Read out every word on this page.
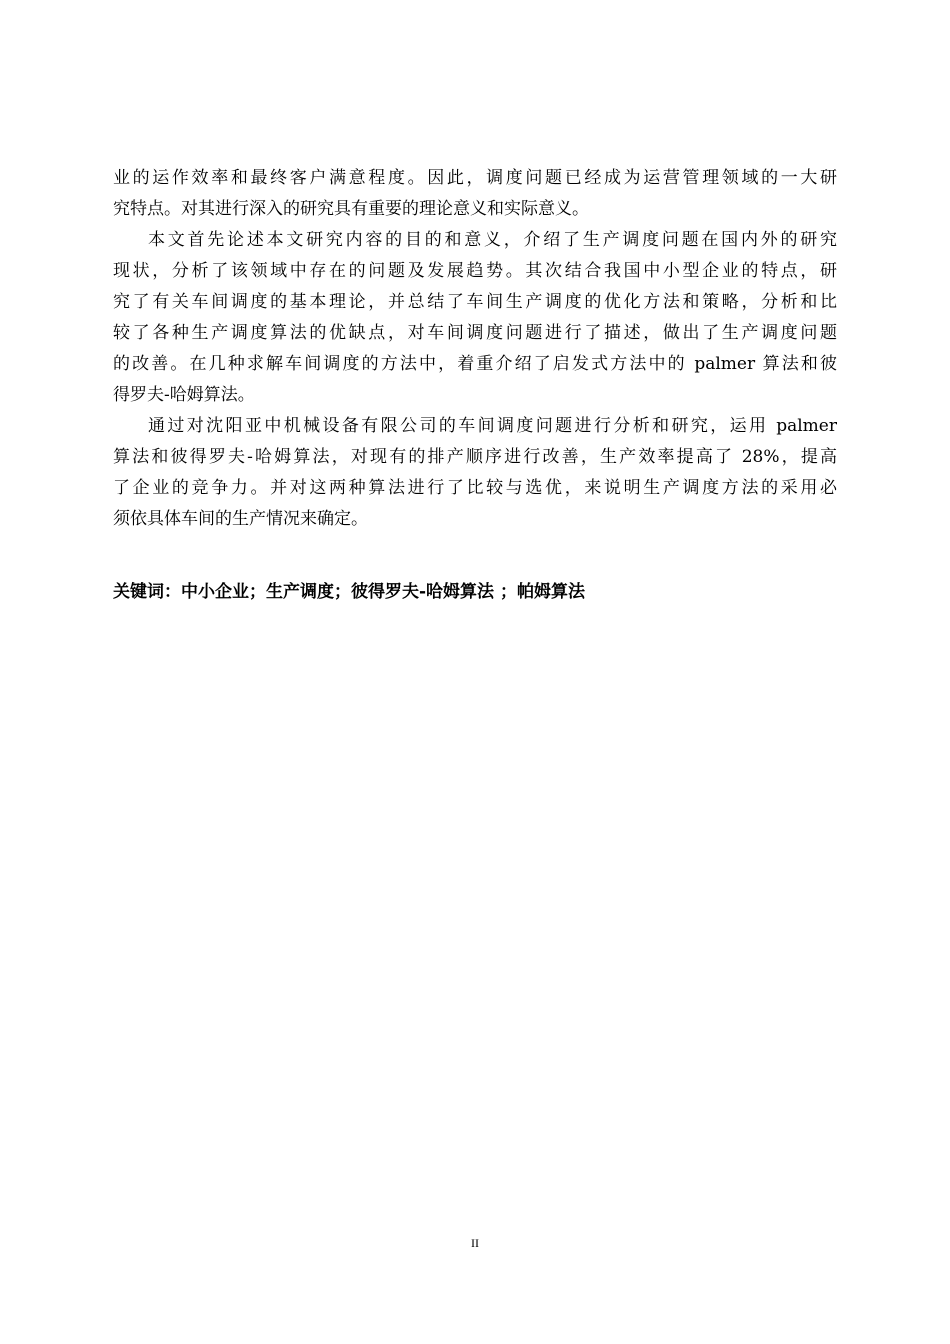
业的运作效率和最终客户满意程度。因此，调度问题已经成为运营管理领域的一大研
究特点。对其进行深入的研究具有重要的理论意义和实际意义。
本文首先论述本文研究内容的目的和意义，介绍了生产调度问题在国内外的研究
现状，分析了该领域中存在的问题及发展趋势。其次结合我国中小型企业的特点，研
究了有关车间调度的基本理论，并总结了车间生产调度的优化方法和策略，分析和比
较了各种生产调度算法的优缺点，对车间调度问题进行了描述，做出了生产调度问题
的改善。在几种求解车间调度的方法中，着重介绍了启发式方法中的 palmer 算法和彼
得罗夫-哈姆算法。
通过对沈阳亚中机械设备有限公司的车间调度问题进行分析和研究，运用 palmer
算法和彼得罗夫-哈姆算法，对现有的排产顺序进行改善，生产效率提高了 28%，提高
了企业的竞争力。并对这两种算法进行了比较与选优，来说明生产调度方法的采用必
须依具体车间的生产情况来确定。
关键词：中小企业；生产调度；彼得罗夫-哈姆算法 ；帕姆算法
II
